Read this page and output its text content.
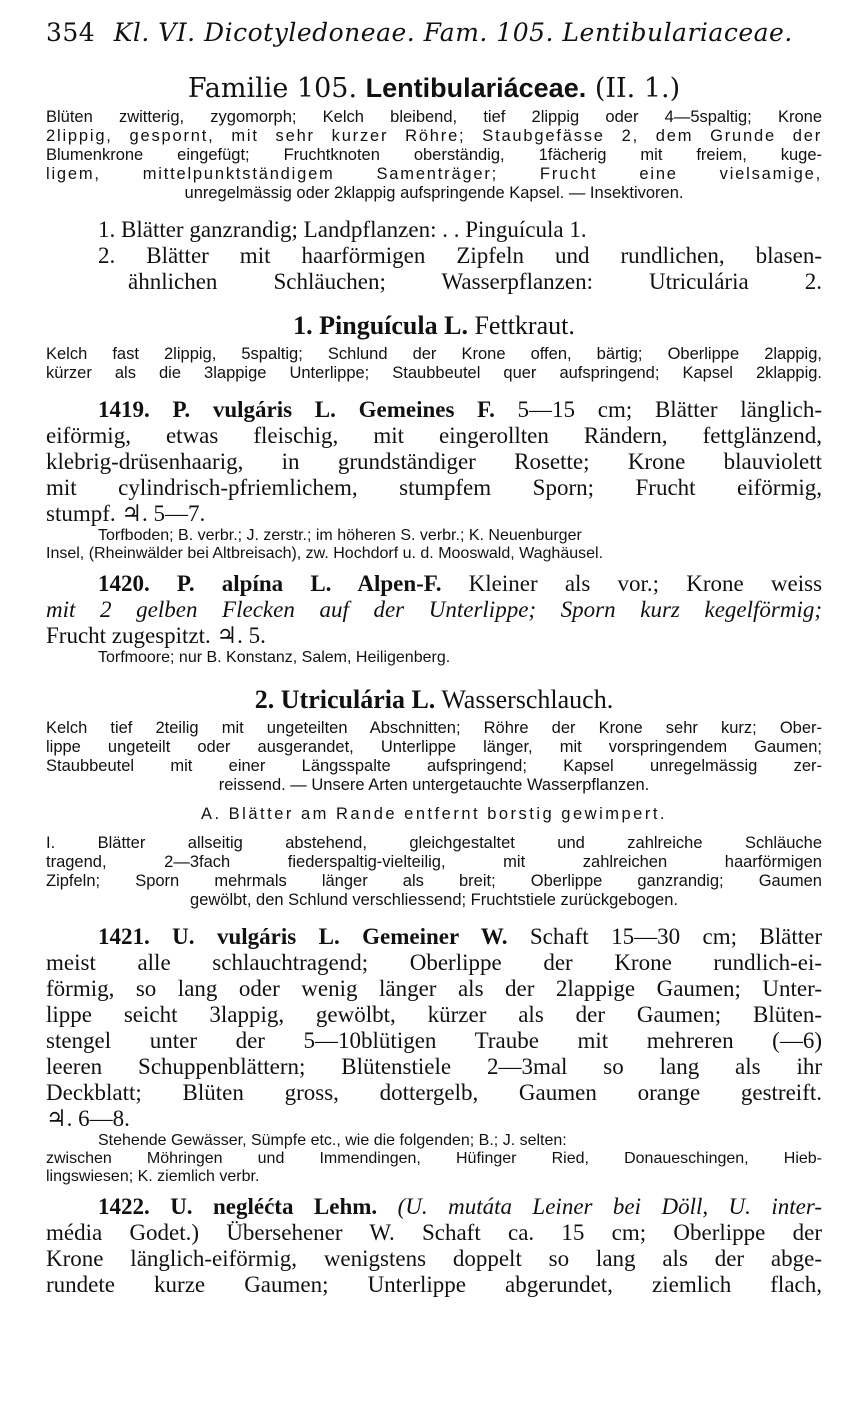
354 Kl. VI. Dicotyledoneae. Fam. 105. Lentibulariaceae.
Familie 105. Lentibulariáceae. (II. 1.)

Blüten zwitterig, zygomorph; Kelch bleibend, tief 2lippig oder 4—5spaltig; Krone

2lippig, gespornt, mit sehr kurzer Röhre; Staubgefässe 2, dem Grunde der

Blumenkrone eingefügt; Fruchtknoten oberständig, 1fächerig mit freiem, kuge-

ligem, mittelpunktständigem Samenträger; Frucht eine vielsamige,

unregelmässig oder 2klappig aufspringende Kapsel. — Insektivoren.

1. Blätter ganzrandig; Landpflanzen: . . Pinguícula 1.

2. Blätter mit haarförmigen Zipfeln und rundlichen, blasen-

ähnlichen Schläuchen; Wasserpflanzen: Utriculária 2.

1. Pinguícula L. Fettkraut.

Kelch fast 2lippig, 5spaltig; Schlund der Krone offen, bärtig; Oberlippe 2lappig,

kürzer als die 3lappige Unterlippe; Staubbeutel quer aufspringend; Kapsel 2klappig.

1419. P. vulgáris L. Gemeines F. 5—15 cm; Blätter länglich-

eiförmig, etwas fleischig, mit eingerollten Rändern, fettglänzend,

klebrig-drüsenhaarig, in grundständiger Rosette; Krone blauviolett

mit cylindrisch-pfriemlichem, stumpfem Sporn; Frucht eiförmig,

stumpf. ♃. 5—7.

Torfboden; B. verbr.; J. zerstr.; im höheren S. verbr.; K. Neuenburger

Insel, (Rheinwälder bei Altbreisach), zw. Hochdorf u. d. Mooswald, Waghäusel.

1420. P. alpína L. Alpen-F. Kleiner als vor.; Krone weiss

mit 2 gelben Flecken auf der Unterlippe; Sporn kurz kegelförmig;

Frucht zugespitzt. ♃. 5.

Torfmoore; nur B. Konstanz, Salem, Heiligenberg.

2. Utriculária L. Wasserschlauch.

Kelch tief 2teilig mit ungeteilten Abschnitten; Röhre der Krone sehr kurz; Ober-

lippe ungeteilt oder ausgerandet, Unterlippe länger, mit vorspringendem Gaumen;

Staubbeutel mit einer Längsspalte aufspringend; Kapsel unregelmässig zer-

reissend. — Unsere Arten untergetauchte Wasserpflanzen.

A. Blätter am Rande entfernt borstig gewimpert.

I. Blätter allseitig abstehend, gleichgestaltet und zahlreiche Schläuche

tragend, 2—3fach fiederspaltig-vielteilig, mit zahlreichen haarförmigen

Zipfeln; Sporn mehrmals länger als breit; Oberlippe ganzrandig; Gaumen

gewölbt, den Schlund verschliessend; Fruchtstiele zurückgebogen.

1421. U. vulgáris L. Gemeiner W. Schaft 15—30 cm; Blätter

meist alle schlauchtragend; Oberlippe der Krone rundlich-ei-

förmig, so lang oder wenig länger als der 2lappige Gaumen; Unter-

lippe seicht 3lappig, gewölbt, kürzer als der Gaumen; Blüten-

stengel unter der 5—10blütigen Traube mit mehreren (—6)

leeren Schuppenblättern; Blütenstiele 2—3mal so lang als ihr

Deckblatt; Blüten gross, dottergelb, Gaumen orange gestreift.

♃. 6—8.

Stehende Gewässer, Sümpfe etc., wie die folgenden; B.; J. selten:

zwischen Möhringen und Immendingen, Hüfinger Ried, Donaueschingen, Hieb-

lingswiesen; K. ziemlich verbr.

1422. U. negléćta Lehm. (U. mutáta Leiner bei Döll, U. inter-

média Godet.) Übersehener W. Schaft ca. 15 cm; Oberlippe der

Krone länglich-eiförmig, wenigstens doppelt so lang als der abge-

rundete kurze Gaumen; Unterlippe abgerundet, ziemlich flach,
